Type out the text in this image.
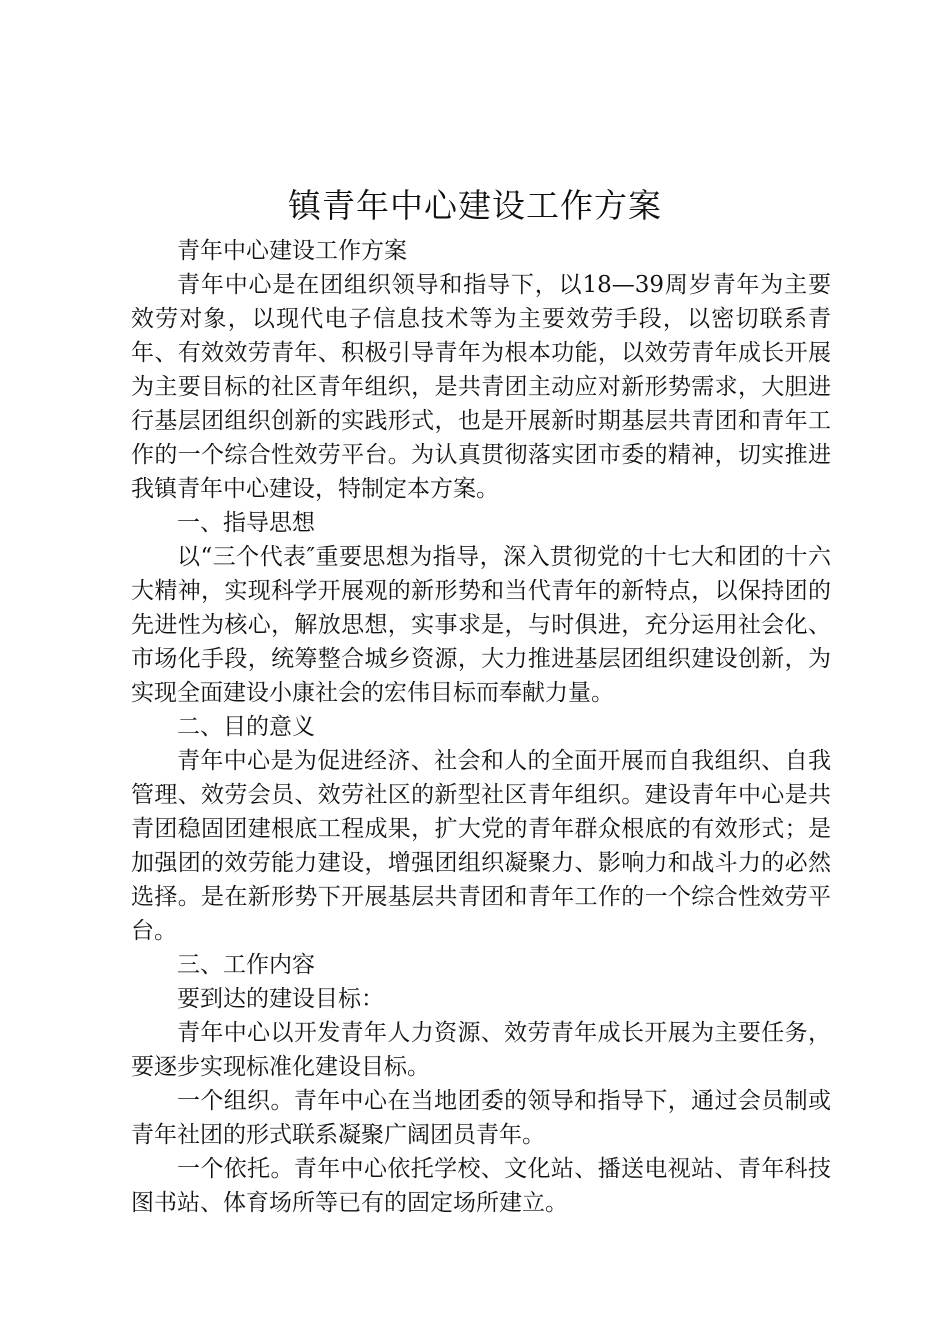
镇青年中心建设工作方案

青年中心建设工作方案

青年中心是在团组织领导和指导下，以18—39周岁青年为主要效劳对象，以现代电子信息技术等为主要效劳手段，以密切联系青年、有效效劳青年、积极引导青年为根本功能，以效劳青年成长开展为主要目标的社区青年组织，是共青团主动应对新形势需求，大胆进行基层团组织创新的实践形式，也是开展新时期基层共青团和青年工作的一个综合性效劳平台。为认真贯彻落实团市委的精神，切实推进我镇青年中心建设，特制定本方案。

一、指导思想

以“三个代表″重要思想为指导，深入贯彻党的十七大和团的十六大精神，实现科学开展观的新形势和当代青年的新特点，以保持团的先进性为核心，解放思想，实事求是，与时俱进，充分运用社会化、市场化手段，统筹整合城乡资源，大力推进基层团组织建设创新，为实现全面建设小康社会的宏伟目标而奉献力量。

二、目的意义

青年中心是为促进经济、社会和人的全面开展而自我组织、自我管理、效劳会员、效劳社区的新型社区青年组织。建设青年中心是共青团稳固团建根底工程成果，扩大党的青年群众根底的有效形式；是加强团的效劳能力建设，增强团组织凝聚力、影响力和战斗力的必然选择。是在新形势下开展基层共青团和青年工作的一个综合性效劳平台。

三、工作内容

要到达的建设目标：

青年中心以开发青年人力资源、效劳青年成长开展为主要任务，要逐步实现标准化建设目标。

一个组织。青年中心在当地团委的领导和指导下，通过会员制或青年社团的形式联系凝聚广阔团员青年。

一个依托。青年中心依托学校、文化站、播送电视站、青年科技图书站、体育场所等已有的固定场所建立。
